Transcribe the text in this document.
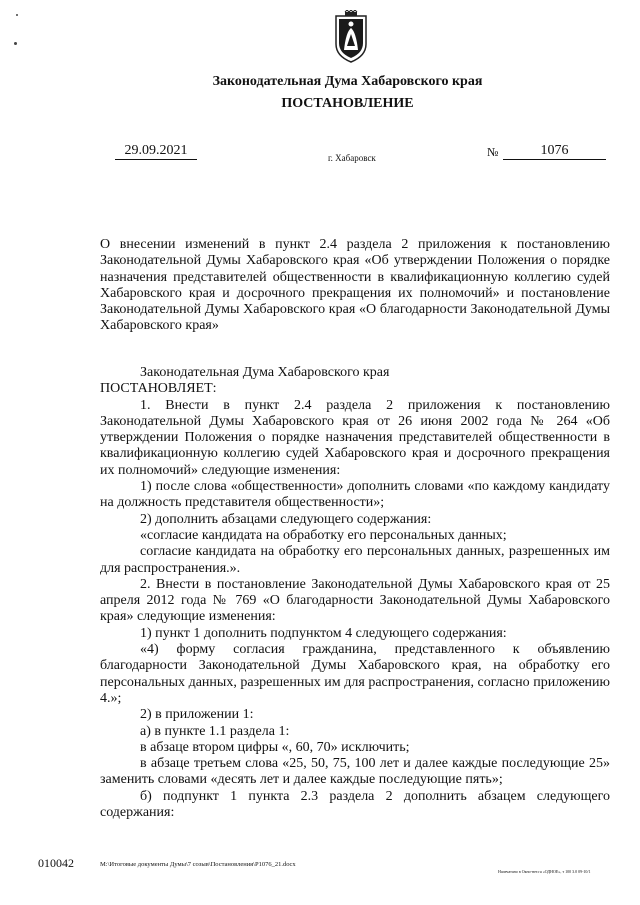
Законодательная Дума Хабаровского края
ПОСТАНОВЛЕНИЕ
29.09.2021	г. Хабаровск	№	1076

О внесении изменений в пункт 2.4 раздела 2 приложения к постановлению Законодательной Думы Хабаровского края «Об утверждении Положения о порядке назначения представителей общественности в квалификационную коллегию судей Хабаровского края и досрочного прекращения их полномочий» и постановление Законодательной Думы Хабаровского края «О благодарности Законодательной Думы Хабаровского края»

Законодательная Дума Хабаровского края

ПОСТАНОВЛЯЕТ:

1. Внести в пункт 2.4 раздела 2 приложения к постановлению Законодательной Думы Хабаровского края от 26 июня 2002 года № 264 «Об утверждении Положения о порядке назначения представителей общественности в квалификационную коллегию судей Хабаровского края и досрочного прекращения их полномочий» следующие изменения:

1) после слова «общественности» дополнить словами «по каждому кандидату на должность представителя общественности»;

2) дополнить абзацами следующего содержания:

«согласие кандидата на обработку его персональных данных;

согласие кандидата на обработку его персональных данных, разрешенных им для распространения.».

2. Внести в постановление Законодательной Думы Хабаровского края от 25 апреля 2012 года № 769 «О благодарности Законодательной Думы Хабаровского края» следующие изменения:

1) пункт 1 дополнить подпунктом 4 следующего содержания:

«4) форму согласия гражданина, представленного к объявлению благодарности Законодательной Думы Хабаровского края, на обработку его персональных данных, разрешенных им для распространения, согласно приложению 4.»;

2) в приложении 1:

а) в пункте 1.1 раздела 1:

в абзаце втором цифры «, 60, 70» исключить;

в абзаце третьем слова «25, 50, 75, 100 лет и далее каждые последующие 25» заменить словами «десять лет и далее каждые последующие пять»;

б) подпункт 1 пункта 2.3 раздела 2 дополнить абзацем следующего содержания:

010042	M:\Итоговые документы Думы\7 созыв\Постановления\P1076_21.docx
Напечатано в Окно-нет.ru «ОДНОЕ», т 100 3.0 09-10/1
